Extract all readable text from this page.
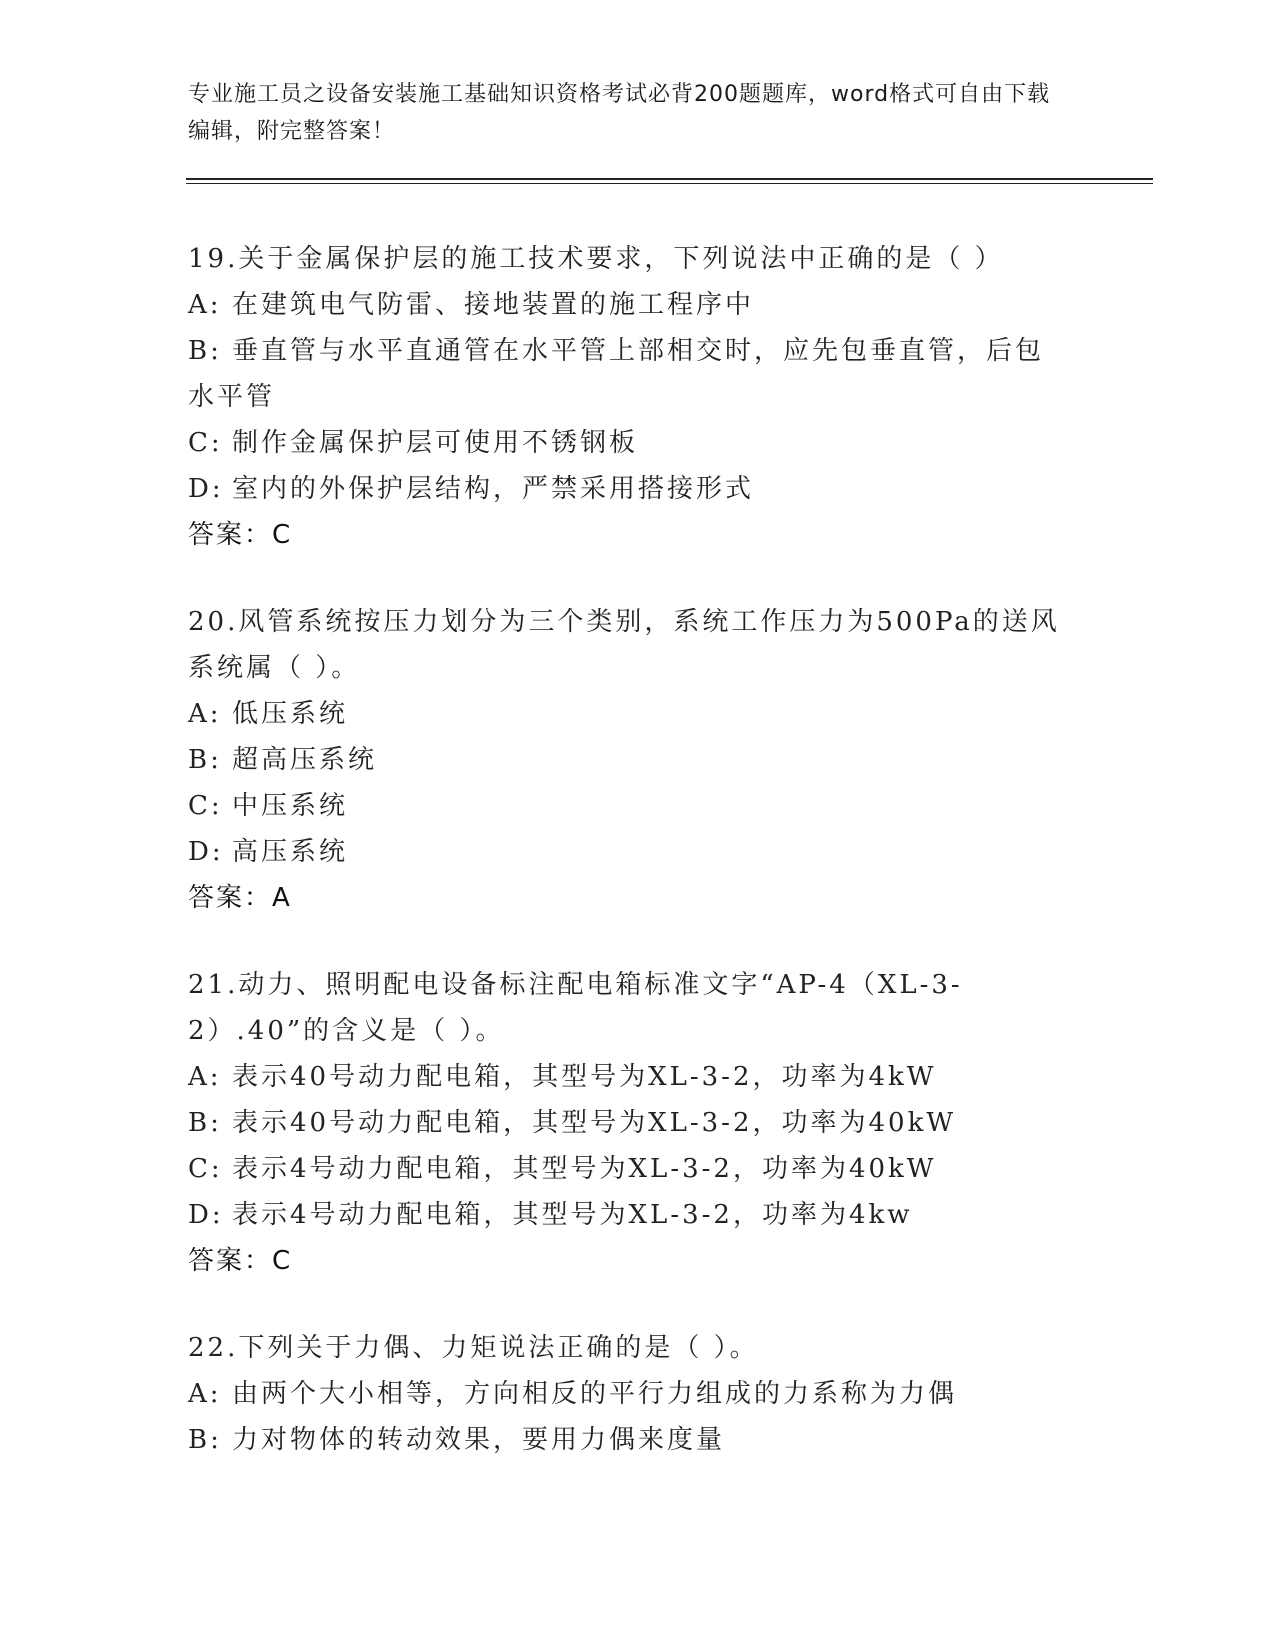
专业施工员之设备安装施工基础知识资格考试必背200题题库，word格式可自由下载编辑，附完整答案！
19.关于金属保护层的施工技术要求，下列说法中正确的是（ ）
A: 在建筑电气防雷、接地装置的施工程序中
B: 垂直管与水平直通管在水平管上部相交时，应先包垂直管，后包水平管
C: 制作金属保护层可使用不锈钢板
D: 室内的外保护层结构，严禁采用搭接形式
答案：C
20.风管系统按压力划分为三个类别，系统工作压力为500Pa的送风系统属（ ）。
A: 低压系统
B: 超高压系统
C: 中压系统
D: 高压系统
答案：A
21.动力、照明配电设备标注配电箱标准文字“AP-4（XL-3-2）.40”的含义是（ ）。
A: 表示40号动力配电箱，其型号为XL-3-2，功率为4kW
B: 表示40号动力配电箱，其型号为XL-3-2，功率为40kW
C: 表示4号动力配电箱，其型号为XL-3-2，功率为40kW
D: 表示4号动力配电箱，其型号为XL-3-2，功率为4kw
答案：C
22.下列关于力偶、力矩说法正确的是（ ）。
A: 由两个大小相等，方向相反的平行力组成的力系称为力偶
B: 力对物体的转动效果，要用力偶来度量
